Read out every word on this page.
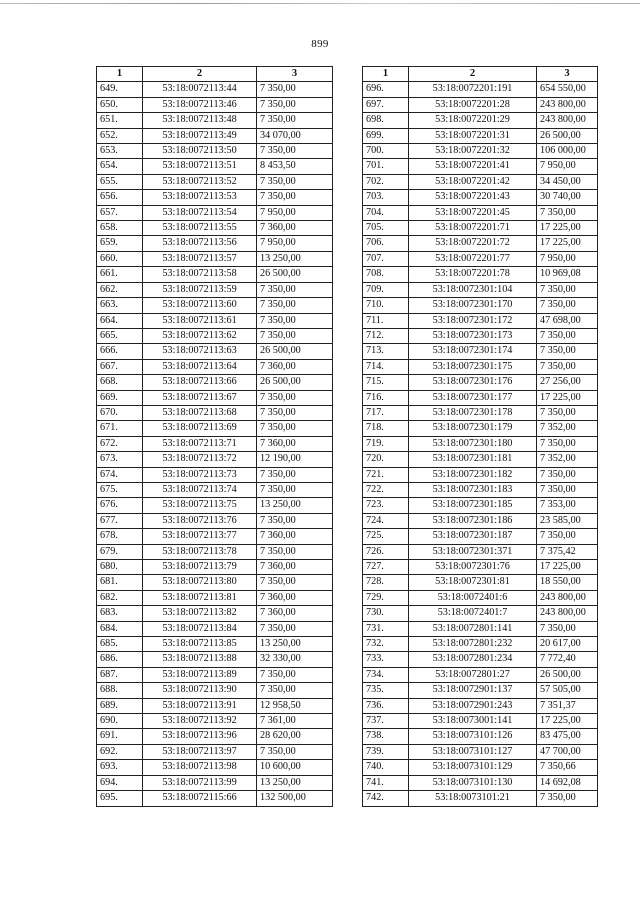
899
1	2	3
649.	53:18:0072113:44	7 350,00
650.	53:18:0072113:46	7 350,00
651.	53:18:0072113:48	7 350,00
652.	53:18:0072113:49	34 070,00
653.	53:18:0072113:50	7 350,00
654.	53:18:0072113:51	8 453,50
655.	53:18:0072113:52	7 350,00
656.	53:18:0072113:53	7 350,00
657.	53:18:0072113:54	7 950,00
658.	53:18:0072113:55	7 360,00
659.	53:18:0072113:56	7 950,00
660.	53:18:0072113:57	13 250,00
661.	53:18:0072113:58	26 500,00
662.	53:18:0072113:59	7 350,00
663.	53:18:0072113:60	7 350,00
664.	53:18:0072113:61	7 350,00
665.	53:18:0072113:62	7 350,00
666.	53:18:0072113:63	26 500,00
667.	53:18:0072113:64	7 360,00
668.	53:18:0072113:66	26 500,00
669.	53:18:0072113:67	7 350,00
670.	53:18:0072113:68	7 350,00
671.	53:18:0072113:69	7 350,00
672.	53:18:0072113:71	7 360,00
673.	53:18:0072113:72	12 190,00
674.	53:18:0072113:73	7 350,00
675.	53:18:0072113:74	7 350,00
676.	53:18:0072113:75	13 250,00
677.	53:18:0072113:76	7 350,00
678.	53:18:0072113:77	7 360,00
679.	53:18:0072113:78	7 350,00
680.	53:18:0072113:79	7 360,00
681.	53:18:0072113:80	7 350,00
682.	53:18:0072113:81	7 360,00
683.	53:18:0072113:82	7 360,00
684.	53:18:0072113:84	7 350,00
685.	53:18:0072113:85	13 250,00
686.	53:18:0072113:88	32 330,00
687.	53:18:0072113:89	7 350,00
688.	53:18:0072113:90	7 350,00
689.	53:18:0072113:91	12 958,50
690.	53:18:0072113:92	7 361,00
691.	53:18:0072113:96	28 620,00
692.	53:18:0072113:97	7 350,00
693.	53:18:0072113:98	10 600,00
694.	53:18:0072113:99	13 250,00
695.	53:18:0072115:66	132 500,00
1	2	3
696.	53:18:0072201:191	654 550,00
697.	53:18:0072201:28	243 800,00
698.	53:18:0072201:29	243 800,00
699.	53:18:0072201:31	26 500,00
700.	53:18:0072201:32	106 000,00
701.	53:18:0072201:41	7 950,00
702.	53:18:0072201:42	34 450,00
703.	53:18:0072201:43	30 740,00
704.	53:18:0072201:45	7 350,00
705.	53:18:0072201:71	17 225,00
706.	53:18:0072201:72	17 225,00
707.	53:18:0072201:77	7 950,00
708.	53:18:0072201:78	10 969,08
709.	53:18:0072301:104	7 350,00
710.	53:18:0072301:170	7 350,00
711.	53:18:0072301:172	47 698,00
712.	53:18:0072301:173	7 350,00
713.	53:18:0072301:174	7 350,00
714.	53:18:0072301:175	7 350,00
715.	53:18:0072301:176	27 256,00
716.	53:18:0072301:177	17 225,00
717.	53:18:0072301:178	7 350,00
718.	53:18:0072301:179	7 352,00
719.	53:18:0072301:180	7 350,00
720.	53:18:0072301:181	7 352,00
721.	53:18:0072301:182	7 350,00
722.	53:18:0072301:183	7 350,00
723.	53:18:0072301:185	7 353,00
724.	53:18:0072301:186	23 585,00
725.	53:18:0072301:187	7 350,00
726.	53:18:0072301:371	7 375,42
727.	53:18:0072301:76	17 225,00
728.	53:18:0072301:81	18 550,00
729.	53:18:0072401:6	243 800,00
730.	53:18:0072401:7	243 800,00
731.	53:18:0072801:141	7 350,00
732.	53:18:0072801:232	20 617,00
733.	53:18:0072801:234	7 772,40
734.	53:18:0072801:27	26 500,00
735.	53:18:0072901:137	57 505,00
736.	53:18:0072901:243	7 351,37
737.	53:18:0073001:141	17 225,00
738.	53:18:0073101:126	83 475,00
739.	53:18:0073101:127	47 700,00
740.	53:18:0073101:129	7 350,66
741.	53:18:0073101:130	14 692,08
742.	53:18:0073101:21	7 350,00
